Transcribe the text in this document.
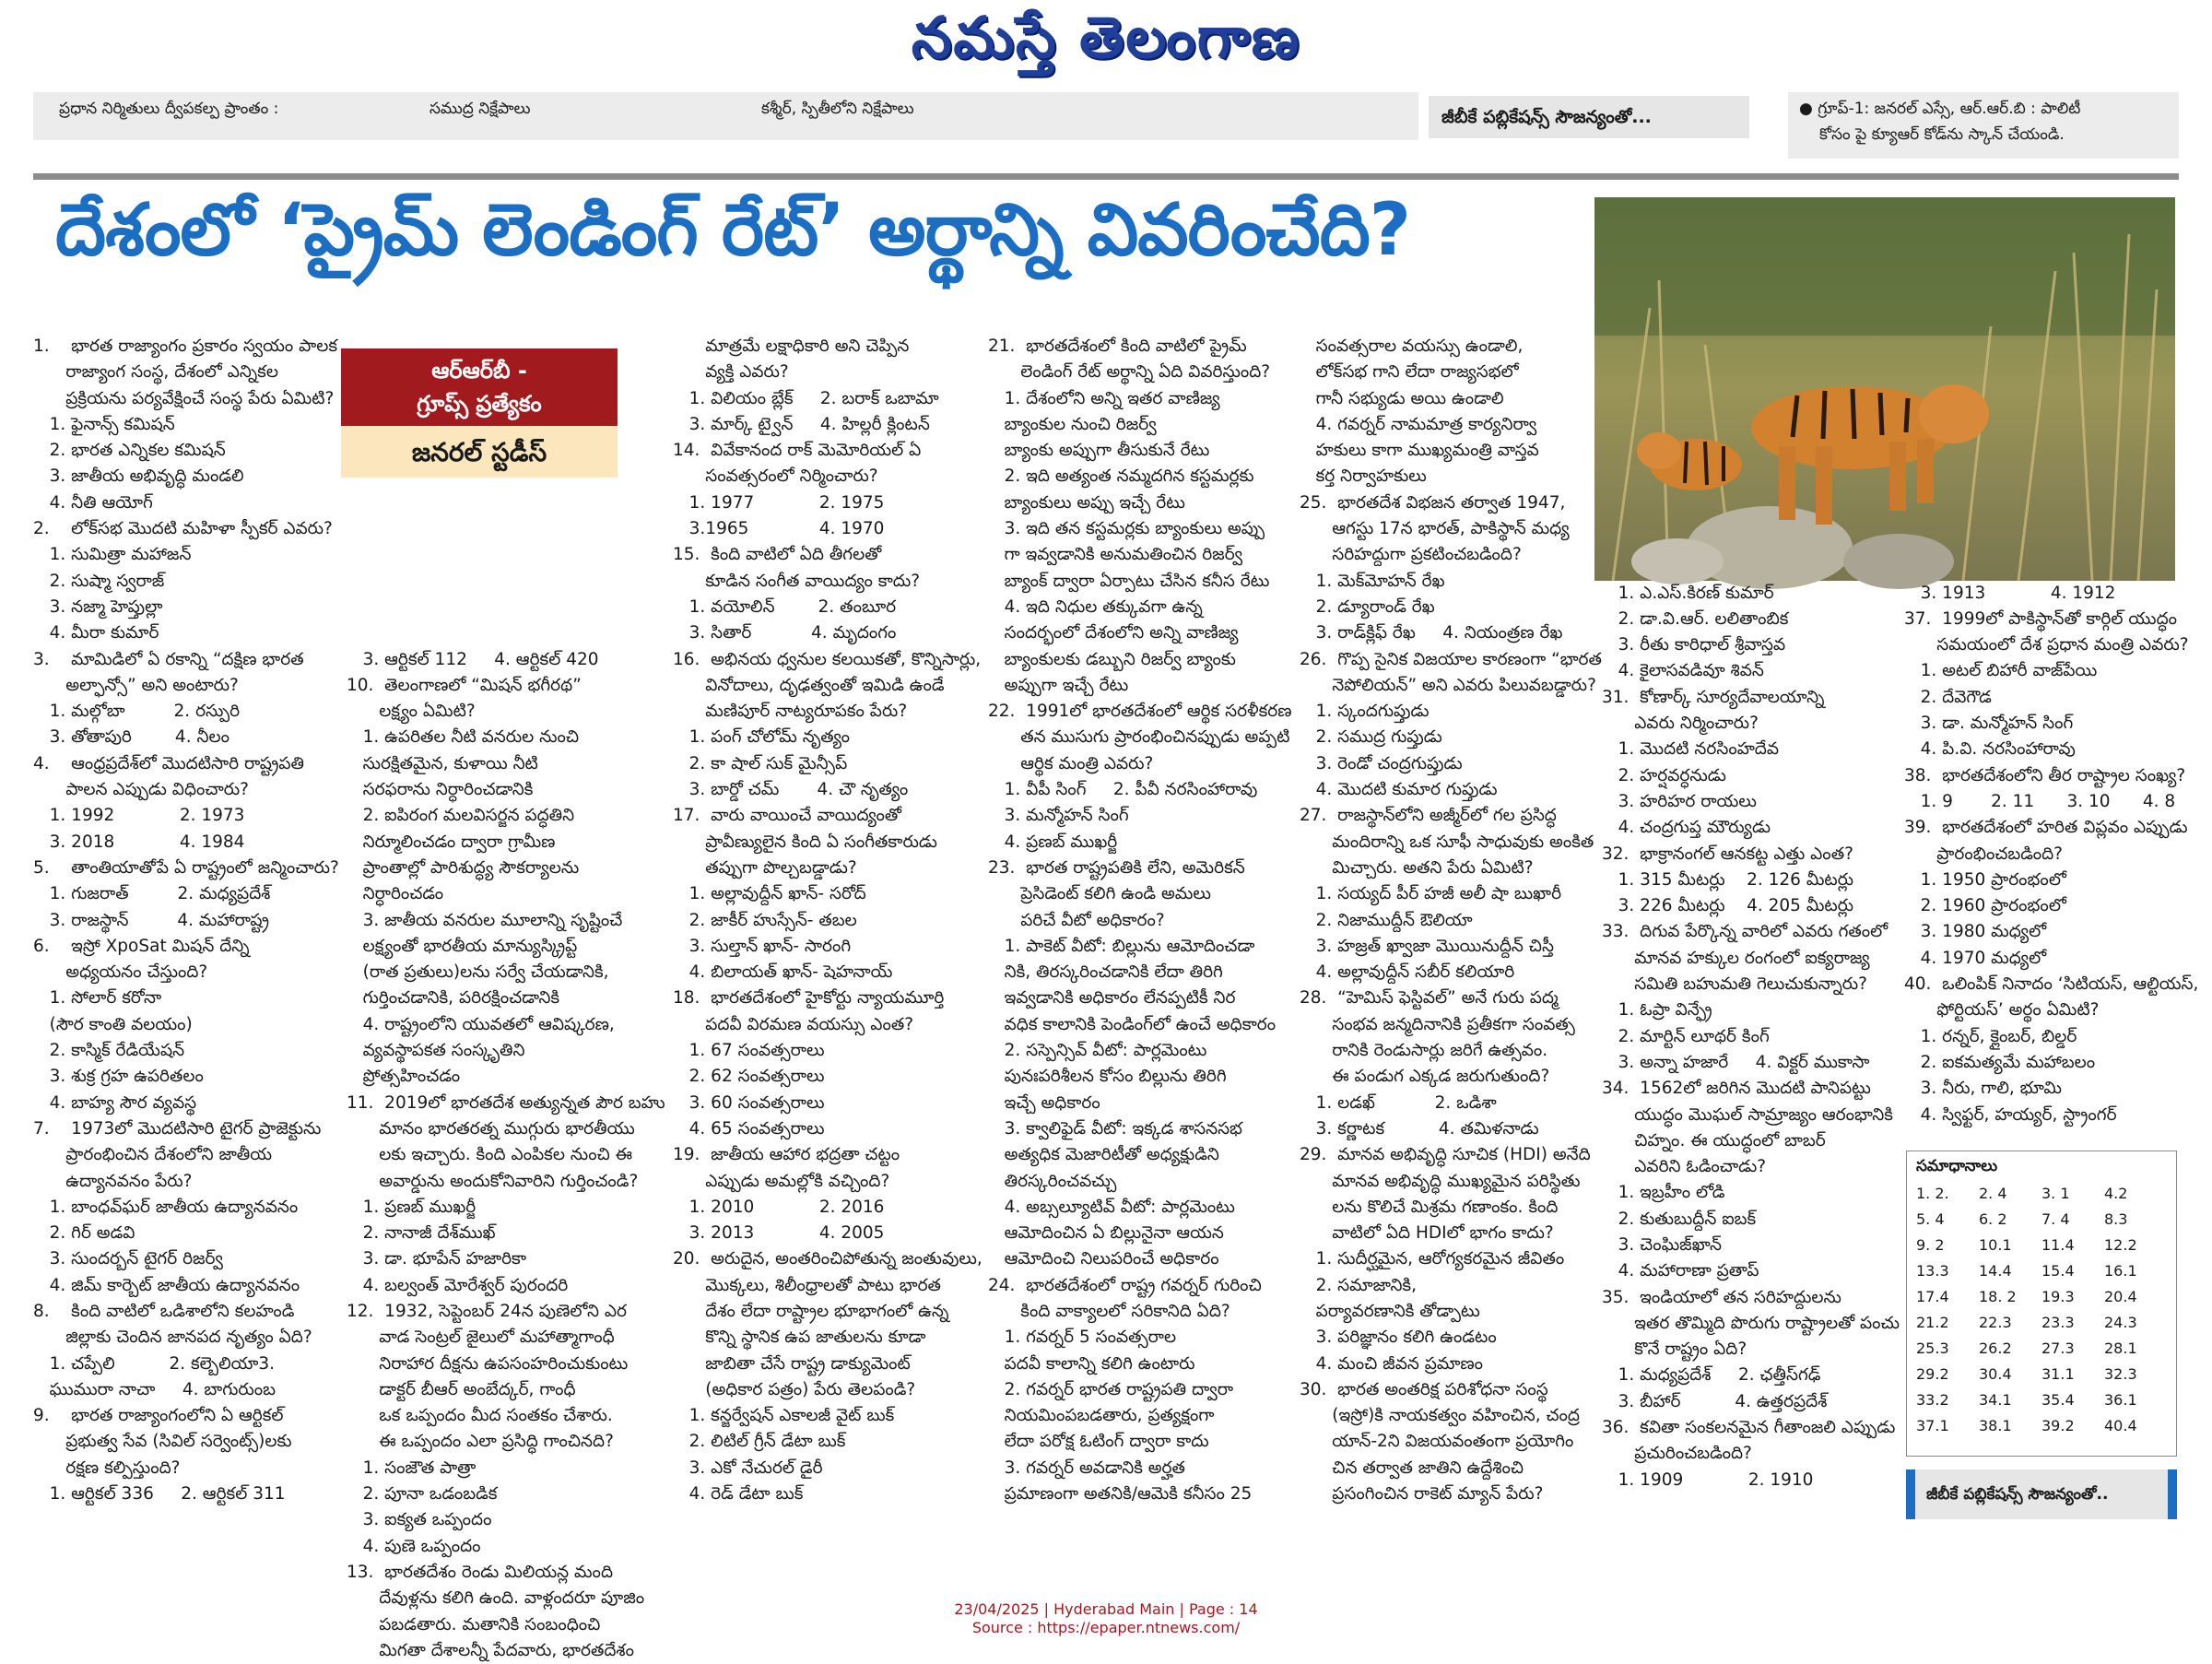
నమస్తే తెలంగాణ
ప్రధాన నిర్మితులు ద్వీపకల్ప ప్రాంతం :	సముద్ర నిక్షేపాలు	కశ్మీర్, స్పితీలోని నిక్షేపాలు	జీబీకే పబ్లికేషన్స్ సౌజన్యంతో...	● గ్రూప్-1: జనరల్ ఎస్సే, ఆర్.ఆర్.బి : పాలిటీ
కోసం పై క్యూఆర్ కోడ్‌ను స్కాన్ చేయండి.
దేశంలో ‘ప్రైమ్ లెండింగ్ రేట్’ అర్థాన్ని వివరించేది?
ఆర్ఆర్‌బీ -
గ్రూప్స్ ప్రత్యేకం
జనరల్ స్టడీస్
1.    భారత రాజ్యాంగం ప్రకారం స్వయం పాలక
రాజ్యాంగ సంస్థ, దేశంలో ఎన్నికల
ప్రక్రియను పర్యవేక్షించే సంస్థ పేరు ఏమిటి?
1. ఫైనాన్స్ కమిషన్
2. భారత ఎన్నికల కమిషన్
3. జాతీయ అభివృద్ధి మండలి
4. నీతి ఆయోగ్
2.    లోక్‌సభ మొదటి మహిళా స్పీకర్ ఎవరు?
1. సుమిత్రా మహాజన్
2. సుష్మా స్వరాజ్
3. నజ్మా హెప్తుల్లా
4. మీరా కుమార్
3.    మామిడిలో ఏ రకాన్ని “దక్షిణ భారత
అల్ఫాన్సో” అని అంటారు?
1. మల్గోబా         2. రస్పురి
3. తోతాపురి        4. నీలం
4.    ఆంధ్రప్రదేశ్‌లో మొదటిసారి రాష్ట్రపతి
పాలన ఎప్పుడు విధించారు?
1. 1992            2. 1973
3. 2018            4. 1984
5.    తాంతియాతోపే ఏ రాష్ట్రంలో జన్మించారు?
1. గుజరాత్         2. మధ్యప్రదేశ్
3. రాజస్థాన్         4. మహారాష్ట్ర
6.    ఇస్రో XpoSat మిషన్ దేన్ని
అధ్యయనం చేస్తుంది?
1. సోలార్ కరోనా
(సౌర కాంతి వలయం)
2. కాస్మిక్ రేడియేషన్
3. శుక్ర గ్రహ ఉపరితలం
4. బాహ్య సౌర వ్యవస్థ
7.    1973లో మొదటిసారి టైగర్ ప్రాజెక్టును
ప్రారంభించిన దేశంలోని జాతీయ
ఉద్యానవనం పేరు?
1. బాంధవ్‌ఘర్ జాతీయ ఉద్యానవనం
2. గిర్ అడవి
3. సుందర్బన్ టైగర్ రిజర్వ్
4. జిమ్ కార్బెట్ జాతీయ ఉద్యానవనం
8.    కింది వాటిలో ఒడిశాలోని కలహండి
జిల్లాకు చెందిన జానపద నృత్యం ఏది?
1. చప్పేలి          2. కల్బెలియా3.
ఘుమురా నాచా     4. బాగురుంబ
9.    భారత రాజ్యాంగంలోని ఏ ఆర్టికల్
ప్రభుత్వ సేవ (సివిల్ సర్వెంట్స్)లకు
రక్షణ కల్పిస్తుంది?
1. ఆర్టికల్ 336     2. ఆర్టికల్ 311
3. ఆర్టికల్ 112     4. ఆర్టికల్ 420
10.  తెలంగాణలో “మిషన్ భగీరథ”
లక్ష్యం ఏమిటి?
1. ఉపరితల నీటి వనరుల నుంచి
సురక్షితమైన, కుళాయి నీటి
సరఫరాను నిర్ధారించడానికి
2. ఐపిరంగ మలవిసర్జన పద్ధతిని
నిర్మూలించడం ద్వారా గ్రామీణ
ప్రాంతాల్లో పారిశుద్ధ్య సౌకర్యాలను
నిర్ధారించడం
3. జాతీయ వనరుల మూలాన్ని సృష్టించే
లక్ష్యంతో భారతీయ మాన్యుస్క్రిప్ట్
(రాత ప్రతులు)లను సర్వే చేయడానికి,
గుర్తించడానికి, పరిరక్షించడానికి
4. రాష్ట్రంలోని యువతలో ఆవిష్కరణ,
వ్యవస్థాపకత సంస్కృతిని
ప్రోత్సహించడం
11.  2019లో భారతదేశ అత్యున్నత పౌర బహు
మానం భారతరత్న ముగ్గురు భారతీయు
లకు ఇచ్చారు. కింది ఎంపికల నుంచి ఈ
అవార్డును అందుకోనివారిని గుర్తించండి?
1. ప్రణబ్ ముఖర్జీ
2. నానాజీ దేశ్‌ముఖ్
3. డా. భూపేన్ హజారికా
4. బల్వంత్ మోరేశ్వర్ పురందరి
12.  1932, సెప్టెంబర్ 24న పుణెలోని ఎర
వాడ సెంట్రల్ జైలులో మహాత్మాగాంధీ
నిరాహార దీక్షను ఉపసంహరించుకుంటు
డాక్టర్ బీఆర్ అంబేద్కర్, గాంధీ
ఒక ఒప్పందం మీద సంతకం చేశారు.
ఈ ఒప్పందం ఎలా ప్రసిద్ధి గాంచినది?
1. సంజౌత పాత్రా
2. పూనా ఒడంబడిక
3. ఐక్యత ఒప్పందం
4. పుణె ఒప్పందం
13.  భారతదేశం రెండు మిలియన్ల మంది
దేవుళ్లను కలిగి ఉంది. వాళ్లందరూ పూజిం
పబడతారు. మతానికి సంబంధించి
మిగతా దేశాలన్నీ పేదవారు, భారతదేశం
మాత్రమే లక్షాధికారి అని చెప్పిన
వ్యక్తి ఎవరు?
1. విలియం బ్లేక్     2. బరాక్ ఒబామా
3. మార్క్ ట్వైన్     4. హిల్లరీ క్లింటన్
14.  వివేకానంద రాక్ మెమోరియల్ ఏ
సంవత్సరంలో నిర్మించారు?
1. 1977            2. 1975
3.1965             4. 1970
15.  కింది వాటిలో ఏది తీగలతో
కూడిన సంగీత వాయిద్యం కాదు?
1. వయోలిన్        2. తంబూర
3. సితార్           4. మృదంగం
16.  అభినయ ధ్వనుల కలయికతో, కొన్నిసార్లు,
వినోదాలు, దృఢత్వంతో ఇమిడి ఉండే
మణిపూర్ నాట్యరూపకం పేరు?
1. పంగ్ చోలోమ్ నృత్యం
2. కా షాల్ సుక్ మైన్సీప్
3. బార్డో చమ్       4. చౌ నృత్యం
17.  వారు వాయించే వాయిద్యంతో
ప్రావీణ్యులైన కింది ఏ సంగీతకారుడు
తప్పుగా పొల్చబడ్డాడు?
1. అల్లావుద్దీన్ ఖాన్- సరోద్
2. జాకీర్ హుస్సేన్- తబల
3. సుల్తాన్ ఖాన్- సారంగి
4. బిలాయత్ ఖాన్- షెహనాయ్
18.  భారతదేశంలో హైకోర్టు న్యాయమూర్తి
పదవీ విరమణ వయస్సు ఎంత?
1. 67 సంవత్సరాలు
2. 62 సంవత్సరాలు
3. 60 సంవత్సరాలు
4. 65 సంవత్సరాలు
19.  జాతీయ ఆహార భద్రతా చట్టం
ఎప్పుడు అమల్లోకి వచ్చింది?
1. 2010            2. 2016
3. 2013            4. 2005
20.  అరుదైన, అంతరించిపోతున్న జంతువులు,
మొక్కలు, శిలీంధ్రాలతో పాటు భారత
దేశం లేదా రాష్ట్రాల భూభాగంలో ఉన్న
కొన్ని స్థానిక ఉప జాతులను కూడా
జాబితా చేసే రాష్ట్ర డాక్యుమెంట్
(అధికార పత్రం) పేరు తెలపండి?
1. కన్జర్వేషన్ ఎకాలజీ వైట్ బుక్
2. లిటిల్ గ్రీన్ డేటా బుక్
3. ఎకో నేచురల్ డైరీ
4. రెడ్ డేటా బుక్
21.  భారతదేశంలో కింది వాటిలో ప్రైమ్
లెండింగ్ రేట్ అర్థాన్ని ఏది వివరిస్తుంది?
1. దేశంలోని అన్ని ఇతర వాణిజ్య
బ్యాంకుల నుంచి రిజర్వ్
బ్యాంకు అప్పుగా తీసుకునే రేటు
2. ఇది అత్యంత నమ్మదగిన కస్టమర్లకు
బ్యాంకులు అప్పు ఇచ్చే రేటు
3. ఇది తన కస్టమర్లకు బ్యాంకులు అప్పు
గా ఇవ్వడానికి అనుమతించిన రిజర్వ్
బ్యాంక్ ద్వారా ఏర్పాటు చేసిన కనీస రేటు
4. ఇది నిధుల తక్కువగా ఉన్న
సందర్భంలో దేశంలోని అన్ని వాణిజ్య
బ్యాంకులకు డబ్బుని రిజర్వ్ బ్యాంకు
అప్పుగా ఇచ్చే రేటు
22.  1991లో భారతదేశంలో ఆర్థిక సరళీకరణ
తన ముసుగు ప్రారంభించినప్పుడు అప్పటి
ఆర్థిక మంత్రి ఎవరు?
1. వీపీ సింగ్     2. పీవీ నరసింహారావు
3. మన్మోహన్ సింగ్
4. ప్రణబ్ ముఖర్జీ
23.  భారత రాష్ట్రపతికి లేని, అమెరికన్
ప్రెసిడెంట్ కలిగి ఉండి అమలు
పరిచే వీటో అధికారం?
1. పాకెట్ వీటో: బిల్లును ఆమోదించడా
నికి, తిరస్కరించడానికి లేదా తిరిగి
ఇవ్వడానికి అధికారం లేనప్పటికీ నిర
వధిక కాలానికి పెండింగ్‌లో ఉంచే అధికారం
2. సస్పెన్సివ్ వీటో: పార్లమెంటు
పునఃపరిశీలన కోసం బిల్లును తిరిగి
ఇచ్చే అధికారం
3. క్వాలిఫైడ్ వీటో: ఇక్కడ శాసనసభ
అత్యధిక మెజారిటీతో అధ్యక్షుడిని
తిరస్కరించవచ్చు
4. అబ్సల్యూటివ్ వీటో: పార్లమెంటు
ఆమోదించిన ఏ బిల్లునైనా ఆయన
ఆమోదించి నిలుపరించే అధికారం
24.  భారతదేశంలో రాష్ట్ర గవర్నర్ గురించి
కింది వాక్యాలలో సరికానిది ఏది?
1. గవర్నర్ 5 సంవత్సరాల
పదవీ కాలాన్ని కలిగి ఉంటారు
2. గవర్నర్ భారత రాష్ట్రపతి ద్వారా
నియమింపబడతారు, ప్రత్యక్షంగా
లేదా పరోక్ష ఓటింగ్ ద్వారా కాదు
3. గవర్నర్ అవడానికి అర్హత
ప్రమాణంగా అతనికి/ఆమెకి కనీసం 25
సంవత్సరాల వయస్సు ఉండాలి,
లోక్‌సభ గాని లేదా రాజ్యసభలో
గానీ సభ్యుడు అయి ఉండాలి
4. గవర్నర్ నామమాత్ర కార్యనిర్వా
హకులు కాగా ముఖ్యమంత్రి వాస్తవ
కర్త నిర్వాహకులు
25.  భారతదేశ విభజన తర్వాత 1947,
ఆగస్టు 17న భారత్, పాకిస్థాన్ మధ్య
సరిహద్దుగా ప్రకటించబడింది?
1. మెక్‌మోహన్ రేఖ
2. డ్యూరాండ్ రేఖ
3. రాడ్‌క్లిఫ్ రేఖ     4. నియంత్రణ రేఖ
26.  గొప్ప సైనిక విజయాల కారణంగా “భారత
నెపోలియన్” అని ఎవరు పిలువబడ్డారు?
1. స్కందగుప్తుడు
2. సముద్ర గుప్తుడు
3. రెండో చంద్రగుప్తుడు
4. మొదటి కుమార గుప్తుడు
27.  రాజస్థాన్‌లోని అజ్మీర్‌లో గల ప్రసిద్ధ
మందిరాన్ని ఒక సూఫీ సాధువుకు అంకిత
మిచ్చారు. అతని పేరు ఏమిటి?
1. సయ్యద్ పీర్ హజీ అలీ షా బుఖారీ
2. నిజాముద్దీన్ ఔలియా
3. హజ్రత్ ఖ్వాజా మొయినుద్దీన్ చిస్తీ
4. అల్లావుద్దీన్ సబీర్ కలియారి
28.  “హెమిస్ ఫెస్టివల్” అనే గురు పద్మ
సంభవ జన్మదినానికి ప్రతీకగా సంవత్స
రానికి రెండుసార్లు జరిగే ఉత్సవం.
ఈ పండుగ ఎక్కడ జరుగుతుంది?
1. లడఖ్           2. ఒడిశా
3. కర్ణాటక          4. తమిళనాడు
29.  మానవ అభివృద్ధి సూచిక (HDI) అనేది
మానవ అభివృద్ధి ముఖ్యమైన పరిస్థితు
లను కొలిచే మిశ్రమ గణాంకం. కింది
వాటిలో ఏది HDIలో భాగం కాదు?
1. సుదీర్ఘమైన, ఆరోగ్యకరమైన జీవితం
2. సమాజానికి,
పర్యావరణానికి తోడ్పాటు
3. పరిజ్ఞానం కలిగి ఉండటం
4. మంచి జీవన ప్రమాణం
30.  భారత అంతరిక్ష పరిశోధనా సంస్థ
(ఇస్రో)కి నాయకత్వం వహించిన, చంద్ర
యాన్-2ని విజయవంతంగా ప్రయోగిం
చిన తర్వాత జాతిని ఉద్దేశించి
ప్రసంగించిన రాకెట్ మ్యాన్ పేరు?
1. ఎ.ఎస్.కిరణ్ కుమార్
2. డా.వి.ఆర్. లలితాంబిక
3. రీతు కారిధాల్ శ్రీవాస్తవ
4. కైలాసవడివూ శివన్
31.  కోణార్క్ సూర్యదేవాలయాన్ని
ఎవరు నిర్మించారు?
1. మొదటి నరసింహదేవ
2. హర్షవర్ధనుడు
3. హరిహర రాయలు
4. చంద్రగుప్త మౌర్యుడు
32.  భాక్రానంగల్ ఆనకట్ట ఎత్తు ఎంత?
1. 315 మీటర్లు    2. 126 మీటర్లు
3. 226 మీటర్లు    4. 205 మీటర్లు
33.  దిగువ పేర్కొన్న వారిలో ఎవరు గతంలో
మానవ హక్కుల రంగంలో ఐక్యరాజ్య
సమితి బహుమతి గెలుచుకున్నారు?
1. ఓప్రా విన్ఫ్రే
2. మార్టిన్ లూథర్ కింగ్
3. అన్నా హజారే     4. విక్టర్ ముకాసా
34.  1562లో జరిగిన మొదటి పానిపట్టు
యుద్ధం మొఘల్ సామ్రాజ్యం ఆరంభానికి
చిహ్నం. ఈ యుద్ధంలో బాబర్
ఎవరిని ఓడించాడు?
1. ఇబ్రహీం లోడి
2. కుతుబుద్దీన్ ఐబక్
3. చెంఘిజ్‌ఖాన్
4. మహారాణా ప్రతాప్
35.  ఇండియాలో తన సరిహద్దులను
ఇతర తొమ్మిది పొరుగు రాష్ట్రాలతో పంచు
కొనే రాష్ట్రం ఏది?
1. మధ్యప్రదేశ్     2. ఛత్తీస్‌గఢ్
3. బీహార్          4. ఉత్తరప్రదేశ్
36.  కవితా సంకలనమైన గీతాంజలి ఎప్పుడు
ప్రచురించబడింది?
1. 1909            2. 1910
3. 1913            4. 1912
37.  1999లో పాకిస్థాన్‌తో కార్గిల్ యుద్ధం
సమయంలో దేశ ప్రధాన మంత్రి ఎవరు?
1. అటల్ బిహారీ వాజ్‌పేయి
2. దేవెగౌడ
3. డా. మన్మోహన్ సింగ్
4. పి.వి. నరసింహారావు
38.  భారతదేశంలోని తీర రాష్ట్రాల సంఖ్య?
1. 9       2. 11      3. 10      4. 8
39.  భారతదేశంలో హరిత విప్లవం ఎప్పుడు
ప్రారంభించబడింది?
1. 1950 ప్రారంభంలో
2. 1960 ప్రారంభంలో
3. 1980 మధ్యలో
4. 1970 మధ్యలో
40.  ఒలింపిక్ నినాదం ‘సిటియస్, ఆల్టియస్,
ఫోర్టియస్’ అర్థం ఏమిటి?
1. రన్నర్, క్లైంబర్, బిల్డర్
2. ఐకమత్యమే మహాబలం
3. నీరు, గాలి, భూమి
4. స్విఫ్టర్, హయ్యర్, స్ట్రాంగర్
సమాధానాలు
1. 2.	2. 4	3. 1	4.2
5. 4	6. 2	7. 4	8.3
9. 2	10.1	11.4	12.2
13.3	14.4	15.4	16.1
17.4	18. 2	19.3	20.4
21.2	22.3	23.3	24.3
25.3	26.2	27.3	28.1
29.2	30.4	31.1	32.3
33.2	34.1	35.4	36.1
37.1	38.1	39.2	40.4
జీబీకే పబ్లికేషన్స్ సౌజన్యంతో..
23/04/2025 | Hyderabad Main | Page : 14
Source : https://epaper.ntnews.com/
